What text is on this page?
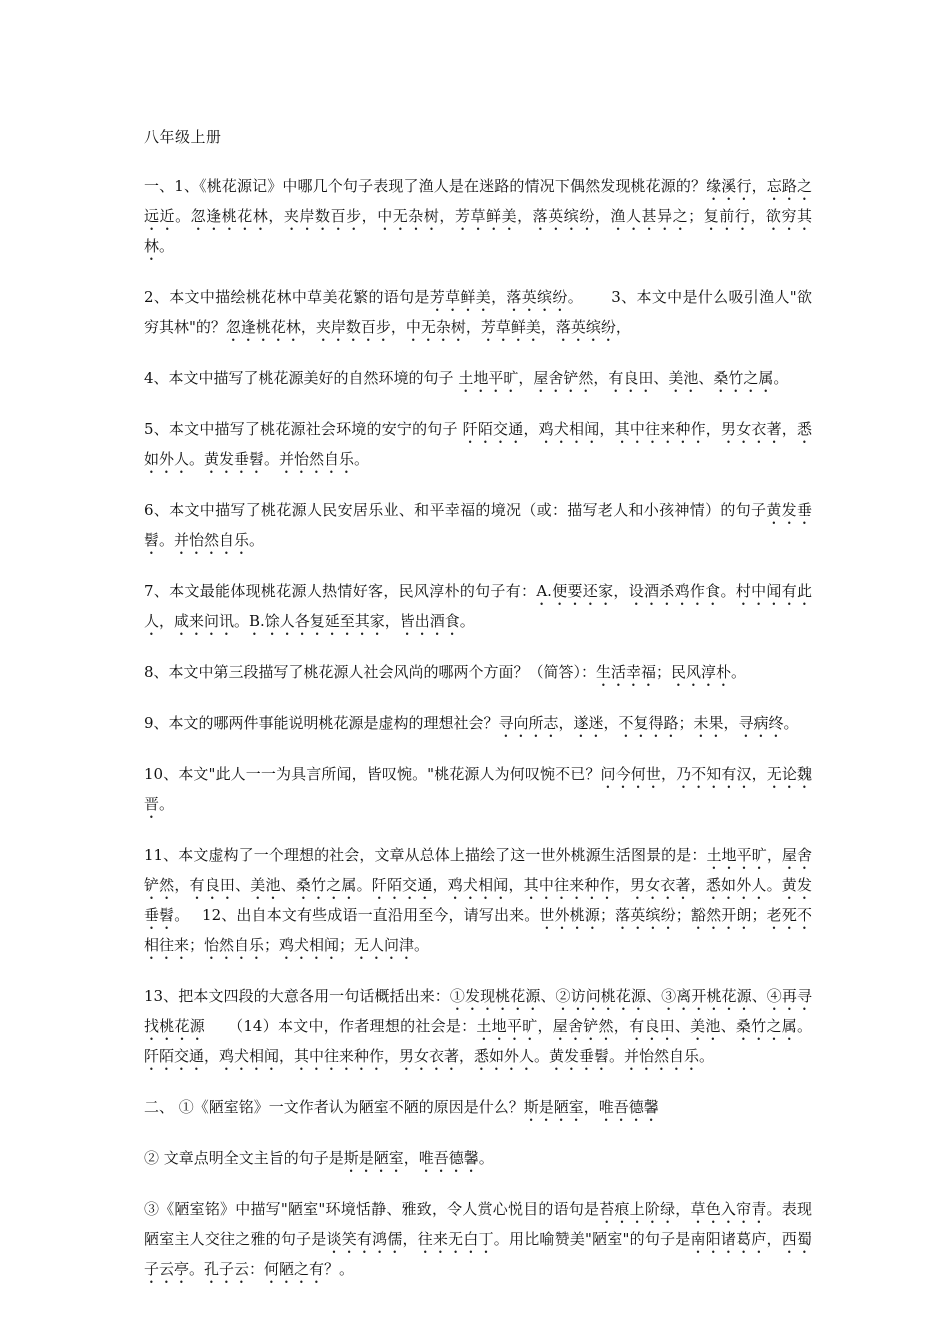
八年级上册

一、1、《桃花源记》中哪几个句子表现了渔人是在迷路的情况下偶然发现桃花源的？缘溪行，忘路之远近。忽逢桃花林，夹岸数百步，中无杂树，芳草鲜美，落英缤纷，渔人甚异之；复前行，欲穷其林。

2、本文中描绘桃花林中草美花繁的语句是芳草鲜美，落英缤纷。　　 3、本文中是什么吸引渔人"欲穷其林"的？忽逢桃花林，夹岸数百步，中无杂树，芳草鲜美，落英缤纷，

4、本文中描写了桃花源美好的自然环境的句子 土地平旷，屋舍铲然，有良田、美池、桑竹之属。

5、本文中描写了桃花源社会环境的安宁的句子 阡陌交通，鸡犬相闻，其中往来种作，男女衣著，悉如外人。黄发垂髫。并怡然自乐。

6、本文中描写了桃花源人民安居乐业、和平幸福的境况（或：描写老人和小孩神情）的句子黄发垂髫。并怡然自乐。

7、本文最能体现桃花源人热情好客，民风淳朴的句子有：A.便要还家，设酒杀鸡作食。村中闻有此人，咸来问讯。B.馀人各复延至其家，皆出酒食。

8、本文中第三段描写了桃花源人社会风尚的哪两个方面？（简答）：生活幸福；民风淳朴。

9、本文的哪两件事能说明桃花源是虚构的理想社会？寻向所志，遂迷，不复得路；未果，寻病终。

10、本文"此人一一为具言所闻，皆叹惋。"桃花源人为何叹惋不已？问今何世，乃不知有汉，无论魏晋。

11、本文虚构了一个理想的社会，文章从总体上描绘了这一世外桃源生活图景的是：土地平旷，屋舍铲然，有良田、美池、桑竹之属。阡陌交通，鸡犬相闻，其中往来种作，男女衣著，悉如外人。黄发垂髫。　 12、出自本文有些成语一直沿用至今，请写出来。世外桃源；落英缤纷；豁然开朗；老死不相往来；怡然自乐；鸡犬相闻；无人问津。

13、把本文四段的大意各用一句话概括出来：①发现桃花源、②访问桃花源、③离开桃花源、④再寻找桃花源　　（14）本文中，作者理想的社会是：土地平旷，屋舍铲然，有良田、美池、桑竹之属。阡陌交通，鸡犬相闻，其中往来种作，男女衣著，悉如外人。黄发垂髫。并怡然自乐。

二、 ①《陋室铭》一文作者认为陋室不陋的原因是什么？斯是陋室，唯吾德馨

② 文章点明全文主旨的句子是斯是陋室，唯吾德馨。

③《陋室铭》中描写"陋室"环境恬静、雅致，令人赏心悦目的语句是苔痕上阶绿，草色入帘青。表现陋室主人交往之雅的句子是谈笑有鸿儒，往来无白丁。用比喻赞美"陋室"的句子是南阳诸葛庐，西蜀子云亭。孔子云：何陋之有？。
